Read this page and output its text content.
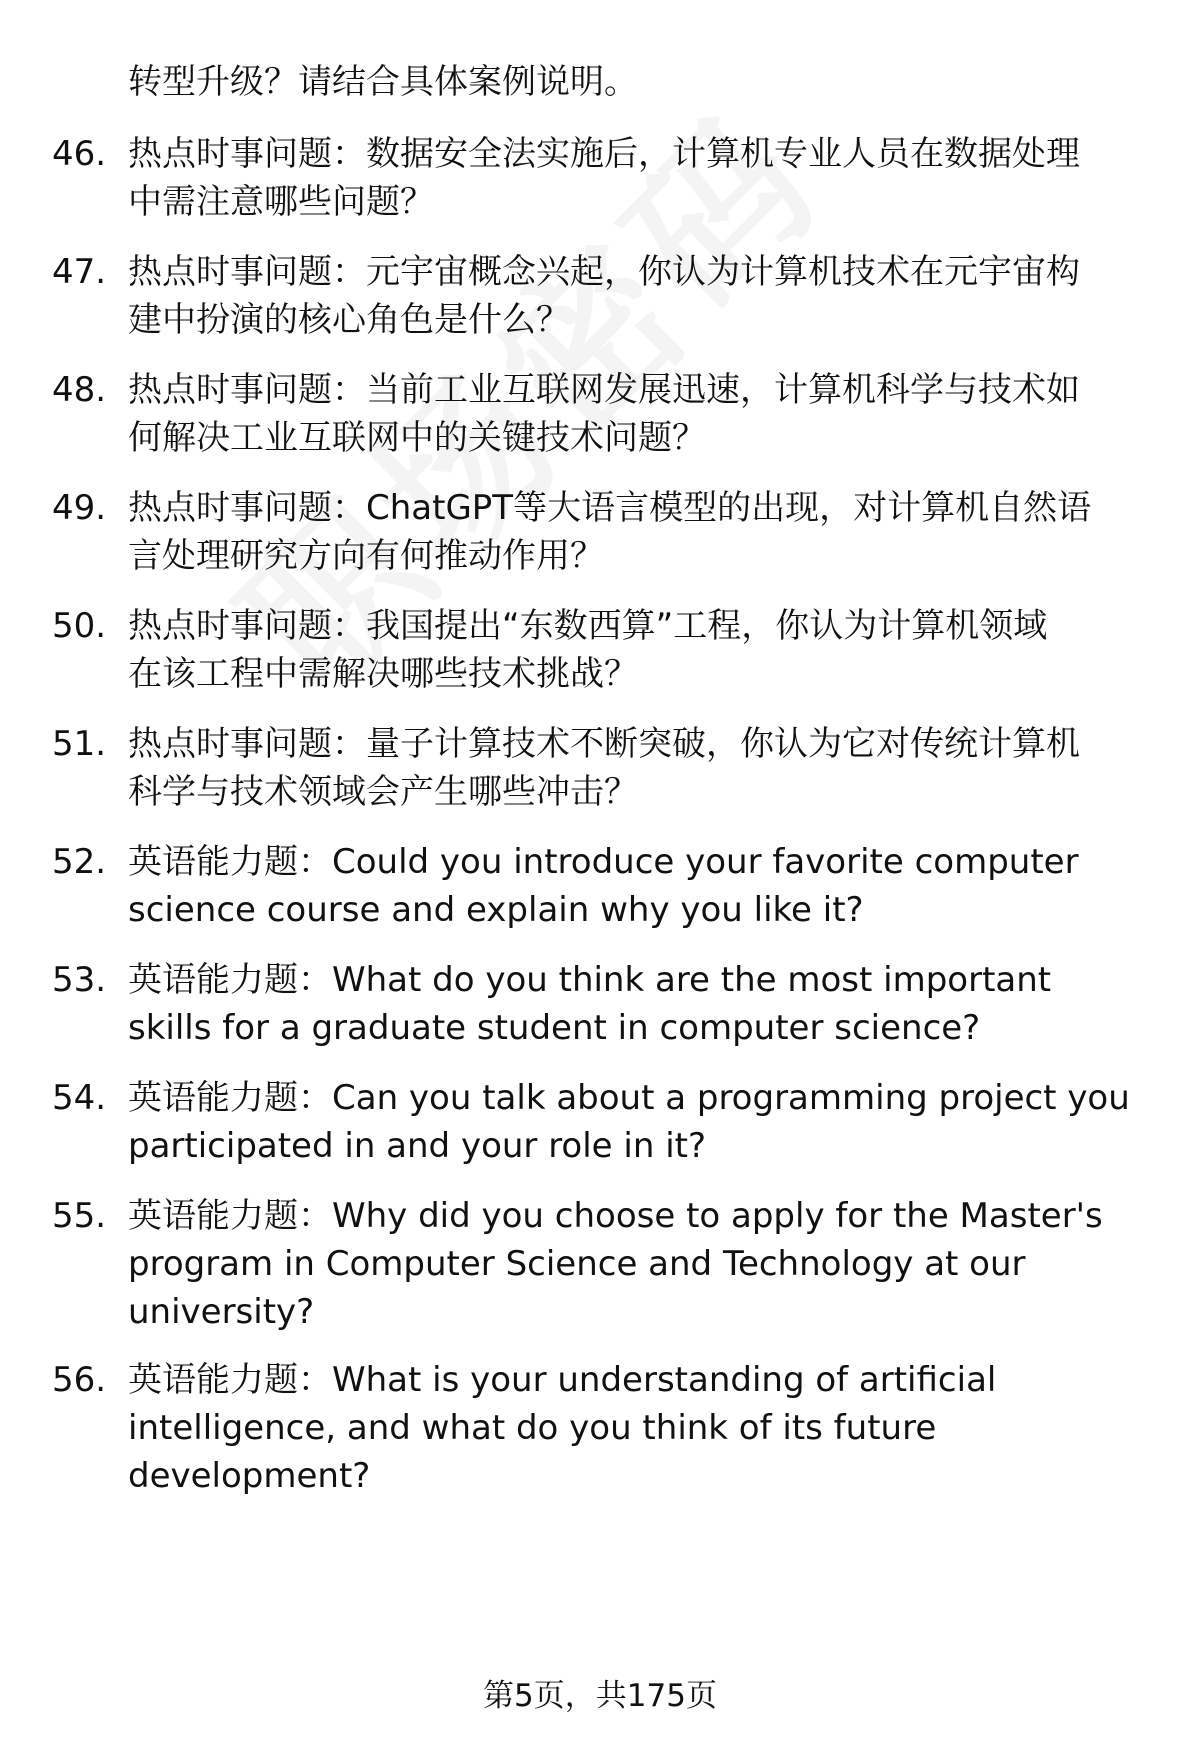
转型升级？请结合具体案例说明。
46. 热点时事问题：数据安全法实施后，计算机专业人员在数据处理
中需注意哪些问题？
47. 热点时事问题：元宇宙概念兴起，你认为计算机技术在元宇宙构
建中扮演的核心角色是什么？
48. 热点时事问题：当前工业互联网发展迅速，计算机科学与技术如
何解决工业互联网中的关键技术问题？
49. 热点时事问题：ChatGPT等大语言模型的出现，对计算机自然语
言处理研究方向有何推动作用？
50. 热点时事问题：我国提出“东数西算”工程，你认为计算机领域
在该工程中需解决哪些技术挑战？
51. 热点时事问题：量子计算技术不断突破，你认为它对传统计算机
科学与技术领域会产生哪些冲击？
52. 英语能力题：Could you introduce your favorite computer
science course and explain why you like it?
53. 英语能力题：What do you think are the most important
skills for a graduate student in computer science?
54. 英语能力题：Can you talk about a programming project you
participated in and your role in it?
55. 英语能力题：Why did you choose to apply for the Master's
program in Computer Science and Technology at our
university?
56. 英语能力题：What is your understanding of artificial
intelligence, and what do you think of its future
development?
第5页，共175页
